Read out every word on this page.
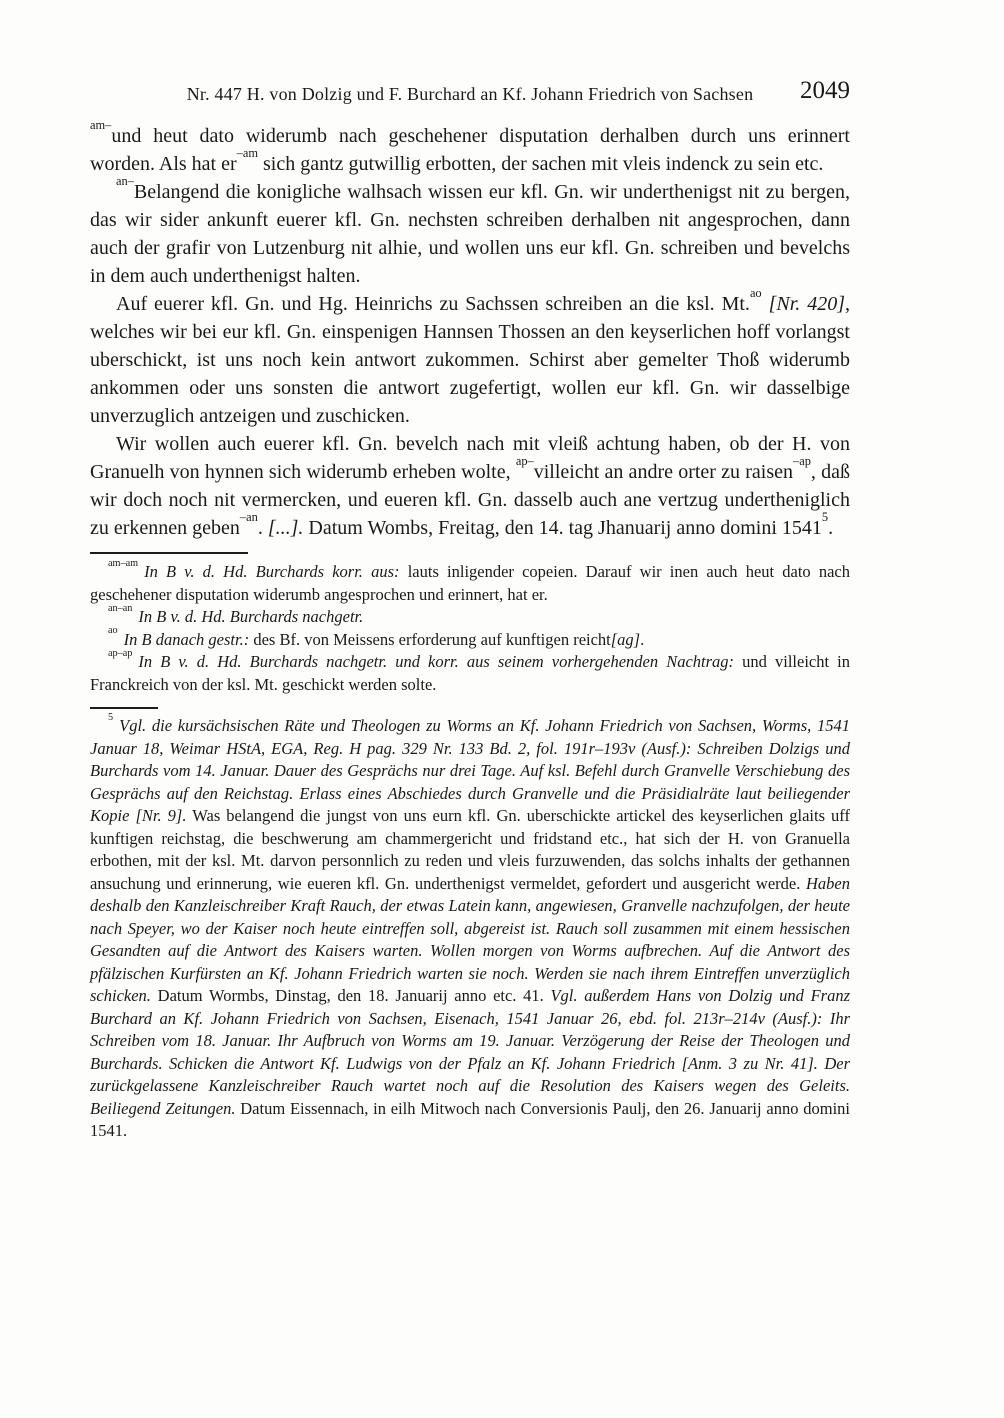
Nr. 447 H. von Dolzig und F. Burchard an Kf. Johann Friedrich von Sachsen	2049

$^{am-}$und heut dato widerumb nach geschehener disputation derhalben durch uns erinnert worden. Als hat $er^{-am}$ sich gantz gutwillig erbotten, der sachen mit vleis indenck zu sein etc.

$^{an-}$Belangend die konigliche walhsach wissen eur kfl. Gn. wir underthenigst nit zu bergen, das wir sider ankunft euerer kfl. Gn. nechsten schreiben derhalben nit angesprochen, dann auch der grafir von Lutzenburg nit alhie, und wollen uns eur kfl. Gn. schreiben und bevelchs in dem auch underthenigst halten.

Auf euerer kfl. Gn. und Hg. Heinrichs zu Sachssen schreiben an die ksl. Mt.$^{ao}$ [Nr. 420], welches wir bei eur kfl. Gn. einspenigen Hannsen Thossen an den keyserlichen hoff vorlangst uberschickt, ist uns noch kein antwort zukommen. Schirst aber gemelter Thoß widerumb ankommen oder uns sonsten die antwort zugefertigt, wollen eur kfl. Gn. wir dasselbige unverzuglich antzeigen und zuschicken.

Wir wollen auch euerer kfl. Gn. bevelch nach mit vleiß achtung haben, ob der H. von Granuelh von hynnen sich widerumb erheben wolte, $^{ap-}$villeicht an andre orter zu raisen$^{-ap}$, daß wir doch noch nit vermercken, und eueren kfl. Gn. dasselb auch ane vertzug undertheniglich zu erkennen geben$^{-an}$. [...]. Datum Wombs, Freitag, den 14. tag Jhanuarij anno domini 1541$^5$.

$^{am-am}$ In B v. d. Hd. Burchards korr. aus: lauts inligender copeien. Darauf wir inen auch heut dato nach geschehener disputation widerumb angesprochen und erinnert, hat er.

$^{an-an}$ In B v. d. Hd. Burchards nachgetr.

$^{ao}$ In B danach gestr.: des Bf. von Meissens erforderung auf kunftigen reicht[ag].

$^{ap-ap}$ In B v. d. Hd. Burchards nachgetr. und korr. aus seinem vorhergehenden Nachtrag: und villeicht in Franckreich von der ksl. Mt. geschickt werden solte.

$^5$ Vgl. die kursächsischen Räte und Theologen zu Worms an Kf. Johann Friedrich von Sachsen, Worms, 1541 Januar 18, Weimar HStA, EGA, Reg. H pag. 329 Nr. 133 Bd. 2, fol. 191r–193v (Ausf.): Schreiben Dolzigs und Burchards vom 14. Januar. Dauer des Gesprächs nur drei Tage. Auf ksl. Befehl durch Granvelle Verschiebung des Gesprächs auf den Reichstag. Erlass eines Abschiedes durch Granvelle und die Präsidialräte laut beiliegender Kopie [Nr. 9]. Was belangend die jungst von uns eurn kfl. Gn. uberschickte artickel des keyserlichen glaits uff kunftigen reichstag, die beschwerung am chammergericht und fridstand etc., hat sich der H. von Granuella erbothen, mit der ksl. Mt. darvon personnlich zu reden und vleis furzuwenden, das solchs inhalts der gethannen ansuchung und erinnerung, wie eueren kfl. Gn. underthenigst vermeldet, gefordert und ausgericht werde. Haben deshalb den Kanzleischreiber Kraft Rauch, der etwas Latein kann, angewiesen, Granvelle nachzufolgen, der heute nach Speyer, wo der Kaiser noch heute eintreffen soll, abgereist ist. Rauch soll zusammen mit einem hessischen Gesandten auf die Antwort des Kaisers warten. Wollen morgen von Worms aufbrechen. Auf die Antwort des pfälzischen Kurfürsten an Kf. Johann Friedrich warten sie noch. Werden sie nach ihrem Eintreffen unverzüglich schicken. Datum Wormbs, Dinstag, den 18. Januarij anno etc. 41. Vgl. außerdem Hans von Dolzig und Franz Burchard an Kf. Johann Friedrich von Sachsen, Eisenach, 1541 Januar 26, ebd. fol. 213r–214v (Ausf.): Ihr Schreiben vom 18. Januar. Ihr Aufbruch von Worms am 19. Januar. Verzögerung der Reise der Theologen und Burchards. Schicken die Antwort Kf. Ludwigs von der Pfalz an Kf. Johann Friedrich [Anm. 3 zu Nr. 41]. Der zurückgelassene Kanzleischreiber Rauch wartet noch auf die Resolution des Kaisers wegen des Geleits. Beiliegend Zeitungen. Datum Eissennach, in eilh Mitwoch nach Conversionis Paulj, den 26. Januarij anno domini 1541.
